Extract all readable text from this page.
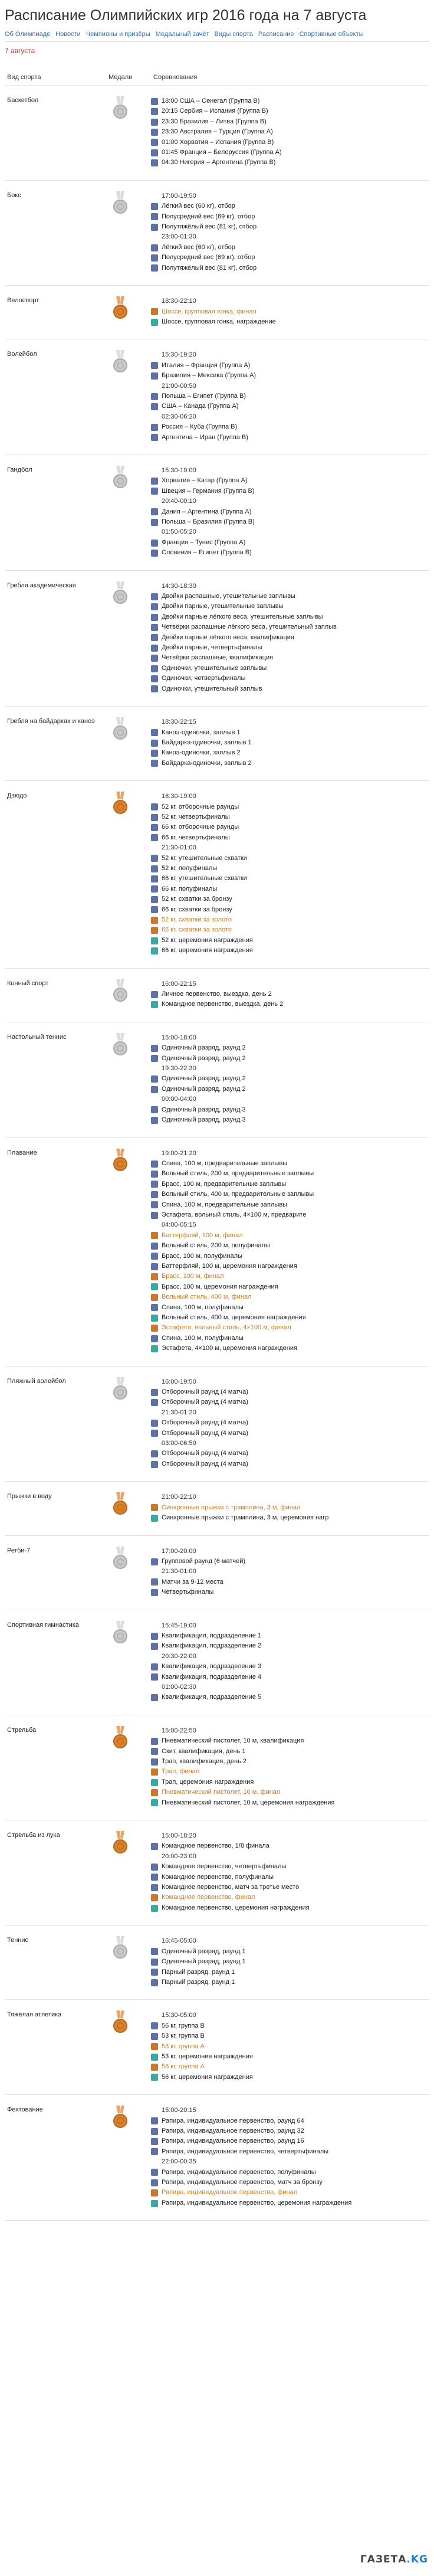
Расписание Олимпийских игр 2016 года на 7 августа
Об Олимпиаде Новости Чемпионы и призёры Медальный зачёт Виды спорта Расписание Спортивные объекты
7 августа
Вид спорта	Медали	Соревнования
Баскетбол	18:00 США – Сенегал (Группа B)
20:15 Сербия – Испания (Группа B)
23:30 Бразилия – Литва (Группа B)
23:30 Австралия – Турция (Группа A)
01:00 Хорватия – Испания (Группа B)
01:45 Франция – Белоруссия (Группа A)
04:30 Нигерия – Аргентина (Группа B)
Бокс	17:00-19:50
Лёгкий вес (60 кг), отбор
Полусредний вес (69 кг), отбор
Полутяжёлый вес (81 кг), отбор
23:00-01:30
Лёгкий вес (60 кг), отбор
Полусредний вес (69 кг), отбор
Полутяжёлый вес (81 кг), отбор
Велоспорт	18:30-22:10
Шоссе, групповая гонка, финал
Шоссе, групповая гонка, награждение
Волейбол	15:30-19:20
Италия – Франция (Группа A)
Бразилия – Мексика (Группа A)
21:00-00:50
Польша – Египет (Группа B)
США – Канада (Группа A)
02:30-06:20
Россия – Куба (Группа B)
Аргентина – Иран (Группа B)
Гандбол	15:30-19:00
Хорватия – Катар (Группа A)
Швеция – Германия (Группа B)
20:40-00:10
Дания – Аргентина (Группа A)
Польша – Бразилия (Группа B)
01:50-05:20
Франция – Тунис (Группа A)
Словения – Египет (Группа B)
Гребля академическая	14:30-18:30
Двойки распашные, утешительные заплывы
Двойки парные, утешительные заплывы
Двойки парные лёгкого веса, утешительные заплывы
Четвёрки распашные лёгкого веса, утешительный заплыв
Двойки парные лёгкого веса, квалификация
Двойки парные, четвертьфиналы
Четвёрки распашные, квалификация
Одиночки, утешительные заплывы
Одиночки, четвертьфиналы
Одиночки, утешительный заплыв
Гребля на байдарках и каноэ	18:30-22:15
Каноэ-одиночки, заплыв 1
Байдарка-одиночки, заплыв 1
Каноэ-одиночки, заплыв 2
Байдарка-одиночки, заплыв 2
Дзюдо	16:30-19:00
52 кг, отборочные раунды
52 кг, четвертьфиналы
66 кг, отборочные раунды
66 кг, четвертьфиналы
21:30-01:00
52 кг, утешительные схватки
52 кг, полуфиналы
66 кг, утешительные схватки
66 кг, полуфиналы
52 кг, схватки за бронзу
66 кг, схватки за бронзу
52 кг, схватки за золото
66 кг, схватки за золото
52 кг, церемония награждения
66 кг, церемония награждения
Конный спорт	16:00-22:15
Личное первенство, выездка, день 2
Командное первенство, выездка, день 2
Настольный теннис	15:00-18:00
Одиночный разряд, раунд 2
Одиночный разряд, раунд 2
19:30-22:30
Одиночный разряд, раунд 2
Одиночный разряд, раунд 2
00:00-04:00
Одиночный разряд, раунд 3
Одиночный разряд, раунд 3
Плавание	19:00-21:20
Спина, 100 м, предварительные заплывы
Вольный стиль, 200 м, предварительные заплывы
Брасс, 100 м, предварительные заплывы
Вольный стиль, 400 м, предварительные заплывы
Спина, 100 м, предварительные заплывы
Эстафета, вольный стиль, 4×100 м, предварите
04:00-05:15
Баттерфляй, 100 м, финал
Вольный стиль, 200 м, полуфиналы
Брасс, 100 м, полуфиналы
Баттерфляй, 100 м, церемония награждения
Брасс, 100 м, финал
Брасс, 100 м, церемония награждения
Вольный стиль, 400 м, финал
Спина, 100 м, полуфиналы
Вольный стиль, 400 м, церемония награждения
Эстафета, вольный стиль, 4×100 м, финал
Спина, 100 м, полуфиналы
Эстафета, 4×100 м, церемония награждения
Пляжный волейбол	16:00-19:50
Отборочный раунд (4 матча)
Отборочный раунд (4 матча)
21:30-01:20
Отборочный раунд (4 матча)
Отборочный раунд (4 матча)
03:00-06:50
Отборочный раунд (4 матча)
Отборочный раунд (4 матча)
Прыжки в воду	21:00-22:10
Синхронные прыжки с трамплина, 3 м, финал
Синхронные прыжки с трамплина, 3 м, церемония нагр
Регби-7	17:00-20:00
Групповой раунд (6 матчей)
21:30-01:00
Матчи за 9-12 места
Четвертьфиналы
Спортивная гимнастика	15:45-19:00
Квалификация, подразделение 1
Квалификация, подразделение 2
20:30-22:00
Квалификация, подразделение 3
Квалификация, подразделение 4
01:00-02:30
Квалификация, подразделение 5
Стрельба	15:00-22:50
Пневматический пистолет, 10 м, квалификация
Скит, квалификация, день 1
Трап, квалификация, день 2
Трап, финал
Трап, церемония награждения
Пневматический пистолет, 10 м, финал
Пневматический пистолет, 10 м, церемония награждения
Стрельба из лука	15:00-18:20
Командное первенство, 1/8 финала
20:00-23:00
Командное первенство, четвертьфиналы
Командное первенство, полуфиналы
Командное первенство, матч за третье место
Командное первенство, финал
Командное первенство, церемония награждения
Теннис	16:45-05:00
Одиночный разряд, раунд 1
Одиночный разряд, раунд 1
Парный разряд, раунд 1
Парный разряд, раунд 1
Тяжёлая атлетика	15:30-05:00
56 кг, группа B
53 кг, группа B
53 кг, группа А
53 кг, церемония награждения
56 кг, группа А
56 кг, церемония награждения
Фехтование	15:00-20:15
Рапира, индивидуальное первенство, раунд 64
Рапира, индивидуальное первенство, раунд 32
Рапира, индивидуальное первенство, раунд 16
Рапира, индивидуальное первенство, четвертьфиналы
22:00-00:35
Рапира, индивидуальное первенство, полуфиналы
Рапира, индивидуальное первенство, матч за бронзу
Рапира, индивидуальное первенство, финал
Рапира, индивидуальное первенство, церемония награждения
ГАЗЕТА.KG
